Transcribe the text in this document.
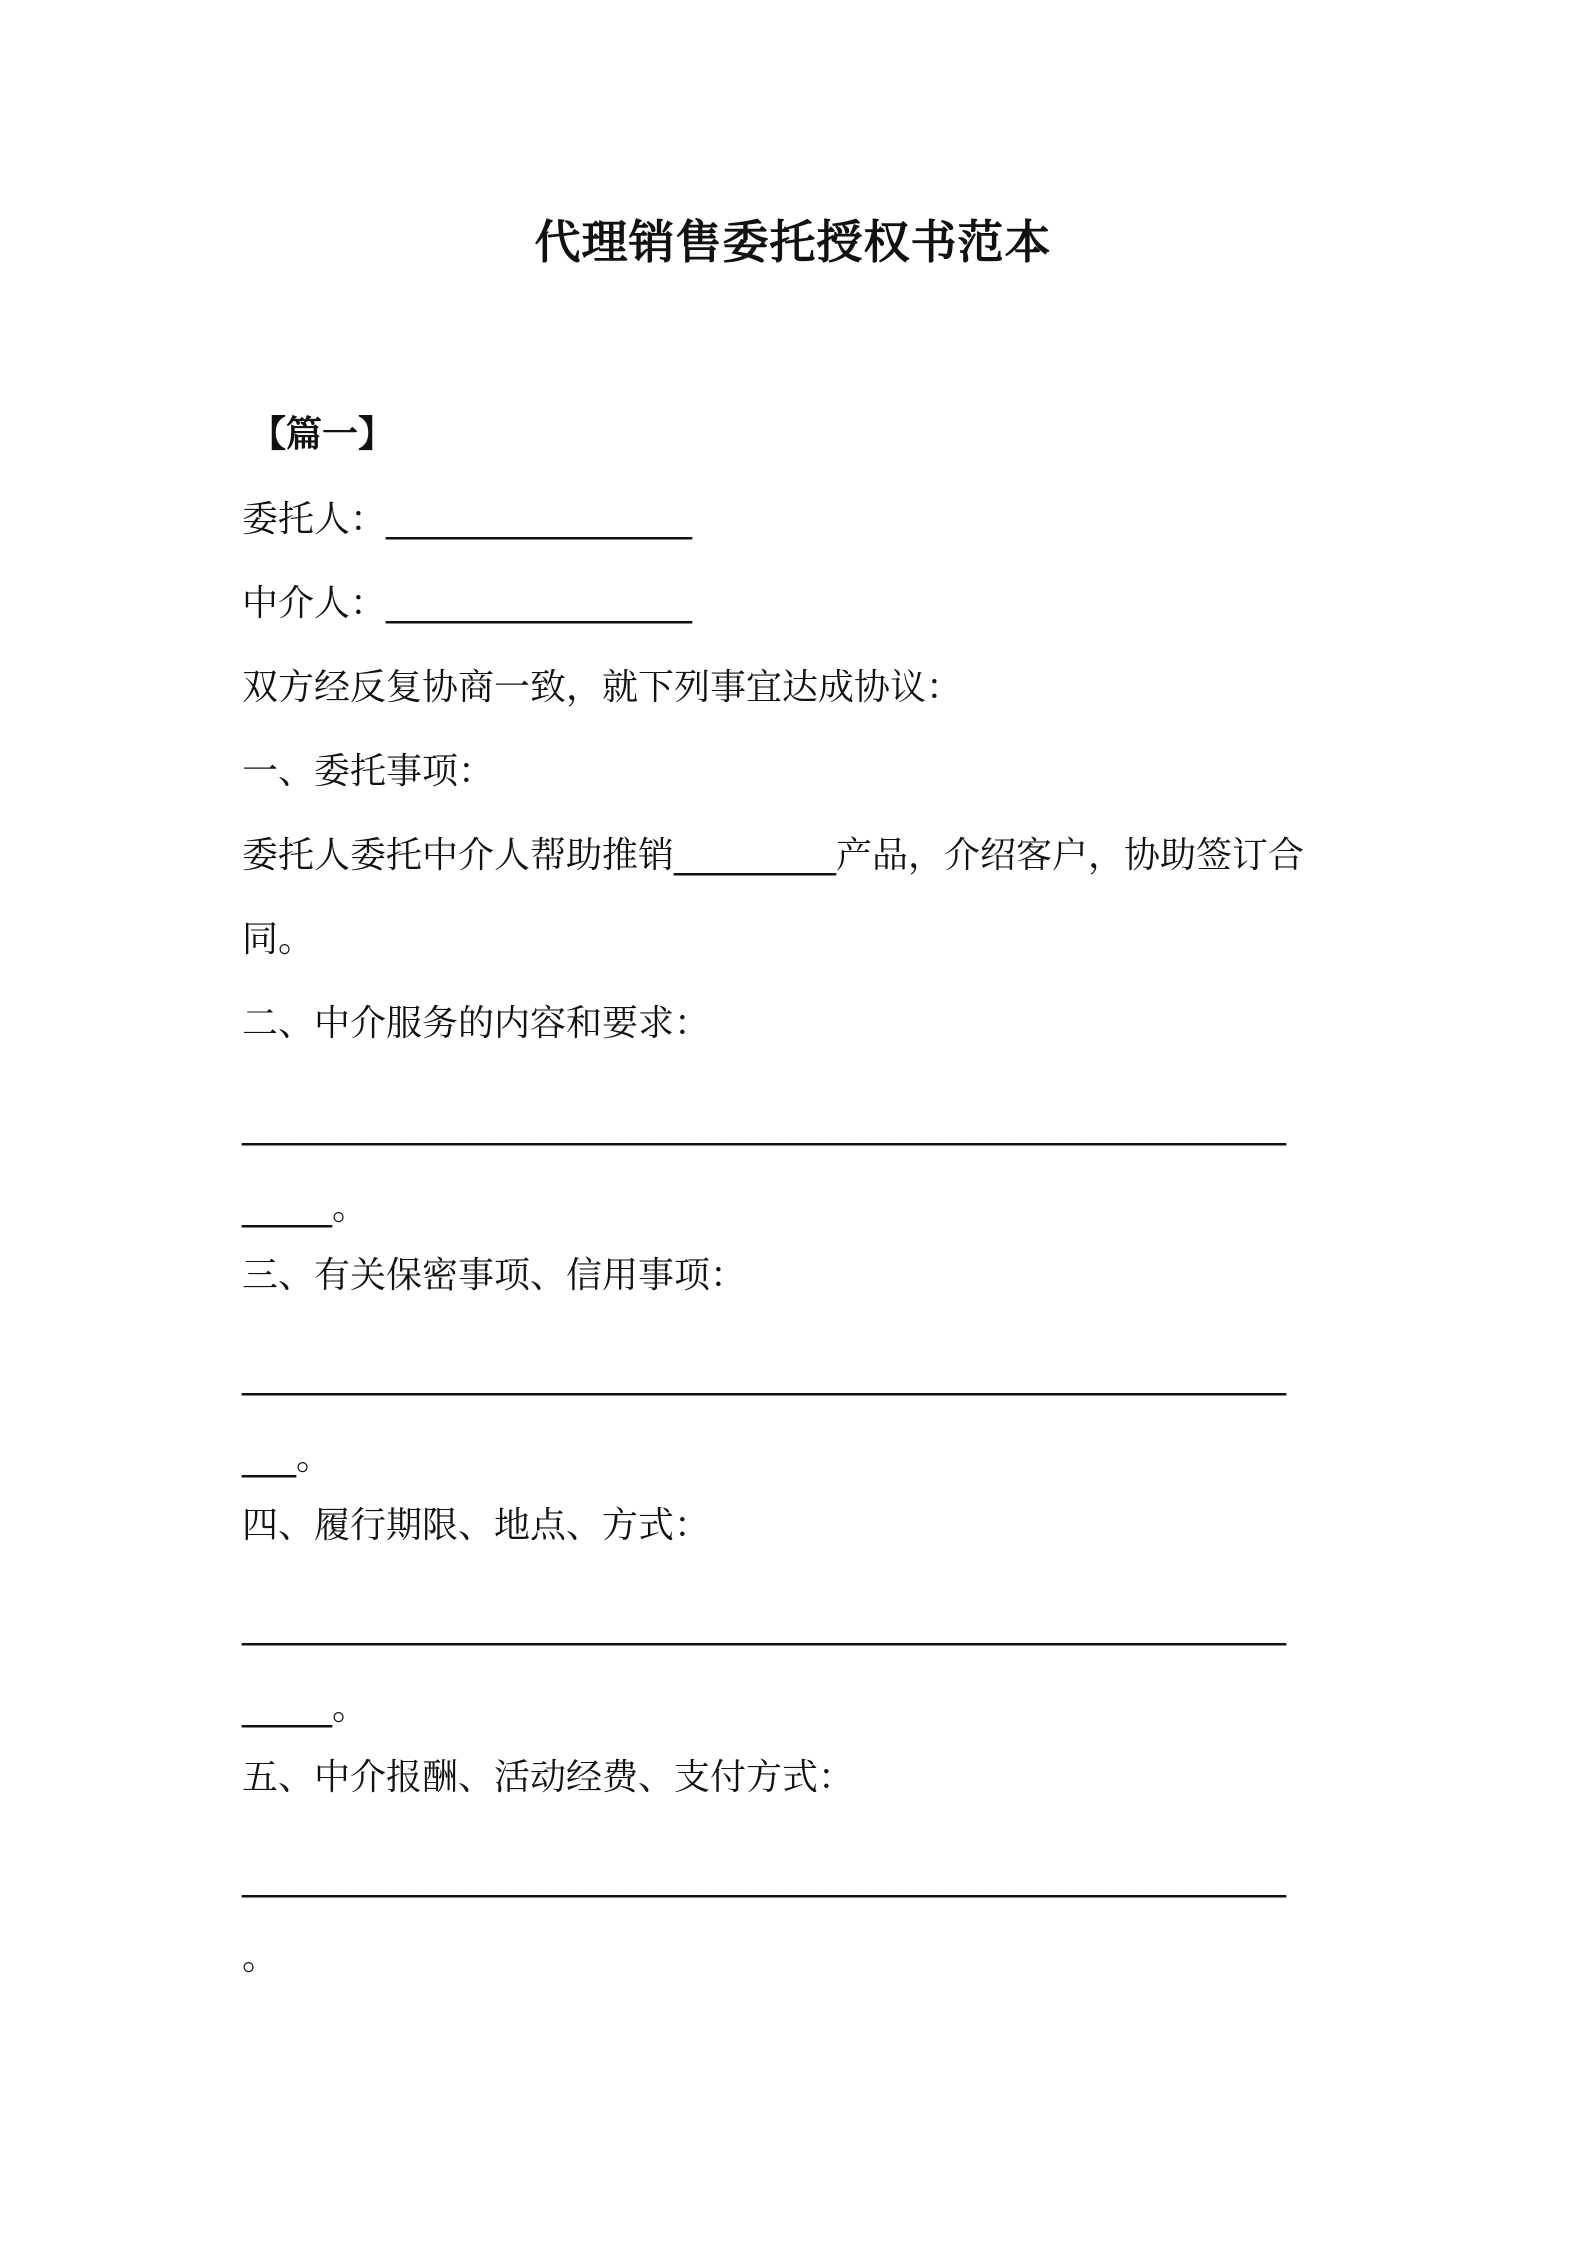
代理销售委托授权书范本
【篇一】
委托人：_________________
中介人：_________________
双方经反复协商一致，就下列事宜达成协议：
一、委托事项：
委托人委托中介人帮助推销_________产品，介绍客户，协助签订合
同。
二、中介服务的内容和要求：
__________________________________________________________
_____。
三、有关保密事项、信用事项：
__________________________________________________________
___。
四、履行期限、地点、方式：
__________________________________________________________
_____。
五、中介报酬、活动经费、支付方式：
__________________________________________________________
。
